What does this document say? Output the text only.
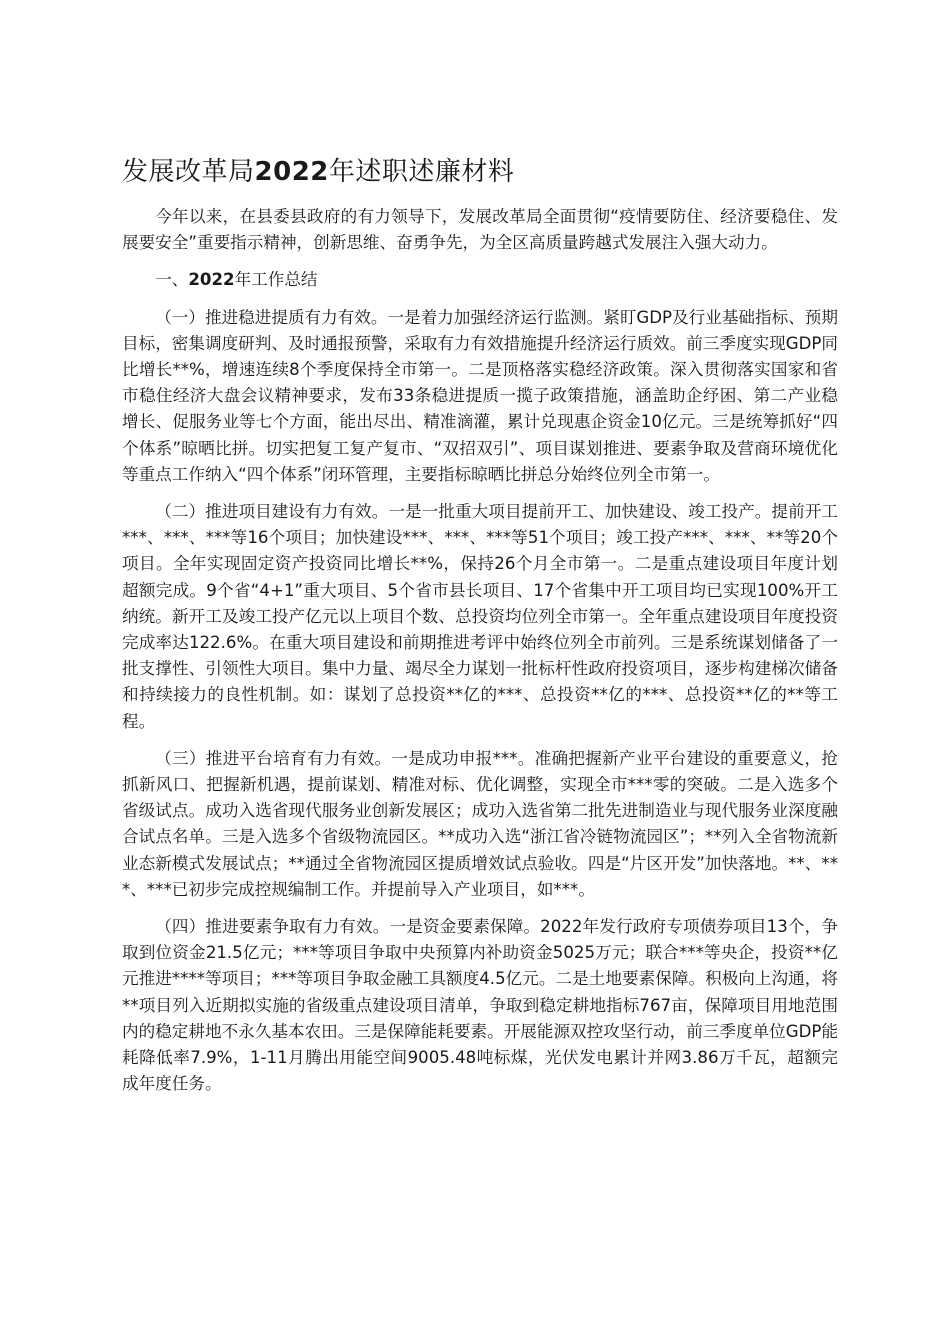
发展改革局2022年述职述廉材料

今年以来，在县委县政府的有力领导下，发展改革局全面贯彻“疫情要防住、经济要稳住、发展要安全”重要指示精神，创新思维、奋勇争先，为全区高质量跨越式发展注入强大动力。

一、2022年工作总结

（一）推进稳进提质有力有效。一是着力加强经济运行监测。紧盯GDP及行业基础指标、预期目标，密集调度研判、及时通报预警，采取有力有效措施提升经济运行质效。前三季度实现GDP同比增长**%，增速连续8个季度保持全市第一。二是顶格落实稳经济政策。深入贯彻落实国家和省市稳住经济大盘会议精神要求，发布33条稳进提质一揽子政策措施，涵盖助企纾困、第二产业稳增长、促服务业等七个方面，能出尽出、精准滴灌，累计兑现惠企资金10亿元。三是统筹抓好“四个体系”晾晒比拼。切实把复工复产复市、“双招双引”、项目谋划推进、要素争取及营商环境优化等重点工作纳入“四个体系”闭环管理，主要指标晾晒比拼总分始终位列全市第一。

（二）推进项目建设有力有效。一是一批重大项目提前开工、加快建设、竣工投产。提前开工***、***、***等16个项目；加快建设***、***、***等51个项目；竣工投产***、***、**等20个项目。全年实现固定资产投资同比增长**%，保持26个月全市第一。二是重点建设项目年度计划超额完成。9个省“4+1”重大项目、5个省市县长项目、17个省集中开工项目均已实现100%开工纳统。新开工及竣工投产亿元以上项目个数、总投资均位列全市第一。全年重点建设项目年度投资完成率达122.6%。在重大项目建设和前期推进考评中始终位列全市前列。三是系统谋划储备了一批支撑性、引领性大项目。集中力量、竭尽全力谋划一批标杆性政府投资项目，逐步构建梯次储备和持续接力的良性机制。如：谋划了总投资**亿的***、总投资**亿的***、总投资**亿的**等工程。

（三）推进平台培育有力有效。一是成功申报***。准确把握新产业平台建设的重要意义，抢抓新风口、把握新机遇，提前谋划、精准对标、优化调整，实现全市***零的突破。二是入选多个省级试点。成功入选省现代服务业创新发展区；成功入选省第二批先进制造业与现代服务业深度融合试点名单。三是入选多个省级物流园区。**成功入选“浙江省冷链物流园区”；**列入全省物流新业态新模式发展试点；**通过全省物流园区提质增效试点验收。四是“片区开发”加快落地。**、***、***已初步完成控规编制工作。并提前导入产业项目，如***。

（四）推进要素争取有力有效。一是资金要素保障。2022年发行政府专项债券项目13个，争取到位资金21.5亿元；***等项目争取中央预算内补助资金5025万元；联合***等央企，投资**亿元推进****等项目；***等项目争取金融工具额度4.5亿元。二是土地要素保障。积极向上沟通，将**项目列入近期拟实施的省级重点建设项目清单，争取到稳定耕地指标767亩，保障项目用地范围内的稳定耕地不永久基本农田。三是保障能耗要素。开展能源双控攻坚行动，前三季度单位GDP能耗降低率7.9%，1-11月腾出用能空间9005.48吨标煤，光伏发电累计并网3.86万千瓦，超额完成年度任务。
